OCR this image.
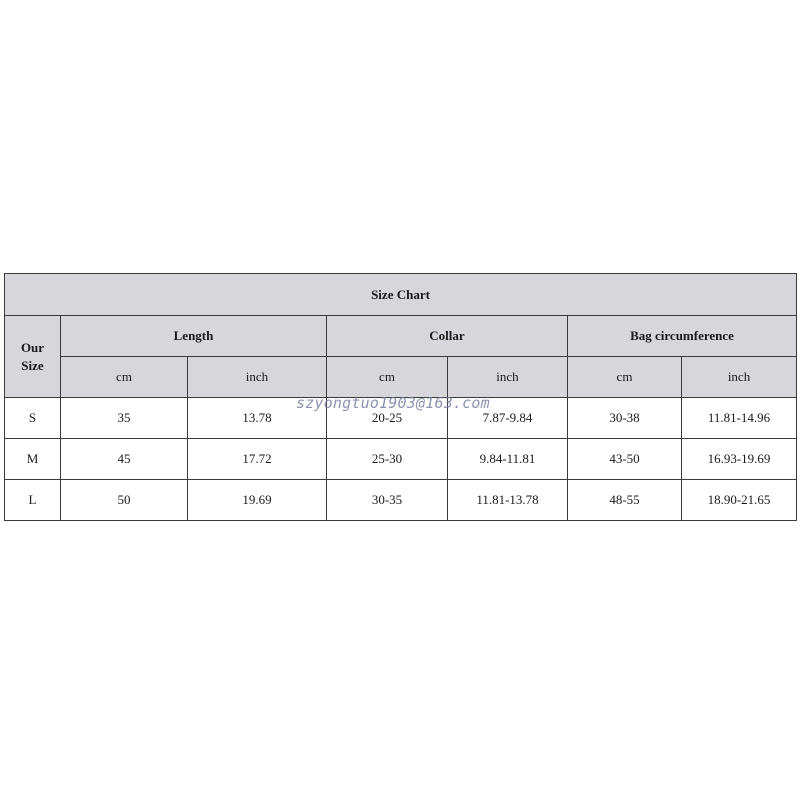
Size Chart						
Our
Size	Length		Collar		Bag circumference	
	cm	inch	cm	inch	cm	inch
S	35	13.78	20-25	7.87-9.84	30-38	11.81-14.96
M	45	17.72	25-30	9.84-11.81	43-50	16.93-19.69
L	50	19.69	30-35	11.81-13.78	48-55	18.90-21.65
szyongtuo1903@163.com
